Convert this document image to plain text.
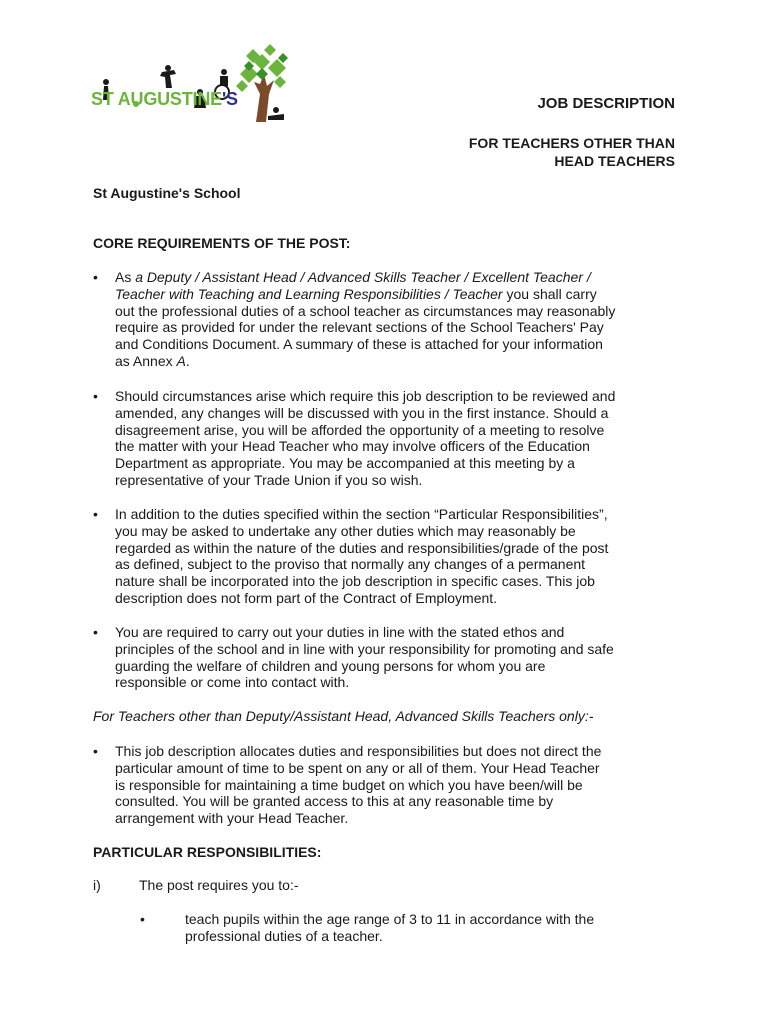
ST AUGUSTINE'S	JOB DESCRIPTION
FOR TEACHERS OTHER THAN
HEAD TEACHERS
St Augustine's School
CORE REQUIREMENTS OF THE POST:
• As a Deputy / Assistant Head / Advanced Skills Teacher / Excellent Teacher /
Teacher with Teaching and Learning Responsibilities / Teacher you shall carry
out the professional duties of a school teacher as circumstances may reasonably
require as provided for under the relevant sections of the School Teachers' Pay
and Conditions Document. A summary of these is attached for your information
as Annex A.
• Should circumstances arise which require this job description to be reviewed and
amended, any changes will be discussed with you in the first instance. Should a
disagreement arise, you will be afforded the opportunity of a meeting to resolve
the matter with your Head Teacher who may involve officers of the Education
Department as appropriate. You may be accompanied at this meeting by a
representative of your Trade Union if you so wish.
• In addition to the duties specified within the section “Particular Responsibilities”,
you may be asked to undertake any other duties which may reasonably be
regarded as within the nature of the duties and responsibilities/grade of the post
as defined, subject to the proviso that normally any changes of a permanent
nature shall be incorporated into the job description in specific cases. This job
description does not form part of the Contract of Employment.
• You are required to carry out your duties in line with the stated ethos and
principles of the school and in line with your responsibility for promoting and safe
guarding the welfare of children and young persons for whom you are
responsible or come into contact with.
For Teachers other than Deputy/Assistant Head, Advanced Skills Teachers only:-
• This job description allocates duties and responsibilities but does not direct the
particular amount of time to be spent on any or all of them. Your Head Teacher
is responsible for maintaining a time budget on which you have been/will be
consulted. You will be granted access to this at any reasonable time by
arrangement with your Head Teacher.
PARTICULAR RESPONSIBILITIES:
i)	The post requires you to:-
•	teach pupils within the age range of 3 to 11 in accordance with the
professional duties of a teacher.
